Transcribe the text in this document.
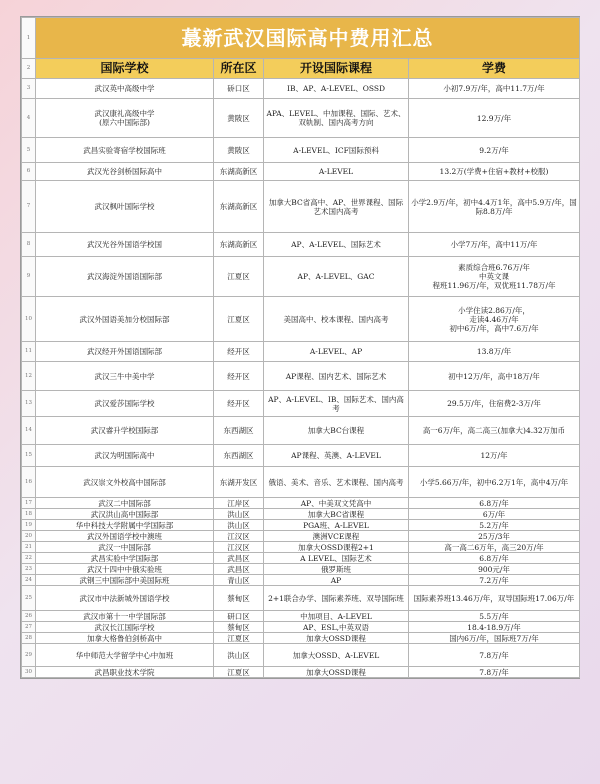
1	蕞新武汉国际高中费用汇总			
2	国际学校	所在区	开设国际课程	学费
3	武汉英中高级中学	硚口区	IB、AP、A-LEVEL、OSSD	小初7.9万/年，高中11.7万/年
4	武汉康礼高级中学
(原六中国际部)	黄陂区	APA、LEVEL、中加课程、国际、艺术、双轨制、国内高考方向	12.9万/年
5	武昌实验寄宿学校国际班	黄陂区	A-LEVEL、ICF国际预科	9.2万/年
6	武汉光谷剑桥国际高中	东湖高新区	A-LEVEL	13.2万(学费+住宿+教材+校服)
7	武汉枫叶国际学校	东湖高新区	加拿大BC省高中、AP、世界课程、国际艺术国内高考	小学2.9万/年，初中4.4万1年，高中5.9万/年，国际8.8万/年
8	武汉光谷外国语学校国	东湖高新区	AP、A-LEVEL、国际艺术	小学7万/年，高中11万/年
9	武汉海淀外国语国际部	江夏区	AP、A-LEVEL、GAC	素质综合班6.76万/年
中英文课
程班11.96万/年，双优班11.78万/年
10	武汉外国语美加分校国际部	江夏区	美国高中、校本课程、国内高考	小学住读2.86万/年，
走读4.46万/年
初中6万/年，高中7.6万/年
11	武汉经开外国语国际部	经开区	A-LEVEL、AP	13.8万/年
12	武汉三牛中美中学	经开区	AP课程、国内艺术、国际艺术	初中12万/年，高中18万/年
13	武汉爱莎国际学校	经开区	AP、A-LEVEL、IB、国际艺术、国内高考	29.5万/年，住宿费2-3万/年
14	武汉睿升学校国际部	东西湖区	加拿大BC台课程	高一6万/年，高二高三(加拿大)4.32万加币
15	武汉为明国际高中	东西湖区	AP课程、英澳、A-LEVEL	12万/年
16	武汉崇文外校高中国际部	东湖开发区	俄语、美术、音乐、艺术课程、国内高考	小学5.66万/年，初中6.2万1年，高中4万/年
17	武汉二中国际部	江岸区	AP、中美双文凭高中	6.8万/年
18	武汉洪山高中国际部	洪山区	加拿大BC省课程	6万/年
19	华中科技大学附属中学国际部	洪山区	PGA班、A-LEVEL	5.2万/年
20	武汉外国语学校中澳班	江汉区	澳洲VCE课程	25万/3年
21	武汉一中国际部	江汉区	加拿大OSSD课程2+1	高一高二6万年，高三20万/年
22	武昌实验中学国际部	武昌区	A LEVEL、国际艺术	6.8万/年
23	武汉十四中中俄实验班	武昌区	俄罗斯班	900元/年
24	武钢三中国际部中美国际班	青山区	AP	7.2万/年
25	武汉市中法新城外国语学校	蔡甸区	2+1联合办学、国际素养班、双导国际班	国际素养班13.46万/年，双导国际班17.06万/年
26	武汉市第十一中学国际部	研口区	中加项目、A-LEVEL	5.5万/年
27	武汉长江国际学校	蔡甸区	AP、ESL,中英双语	18.4-18.9万/年
28	加拿大格鲁伯剑桥高中	江夏区	加拿大OSSD课程	国内6万/年，国际班7万/年
29	华中师范大学留学中心中加班	洪山区	加拿大OSSD、A-LEVEL	7.8万/年
30	武昌职业技术学院	江夏区	加拿大OSSD课程	7.8万/年
